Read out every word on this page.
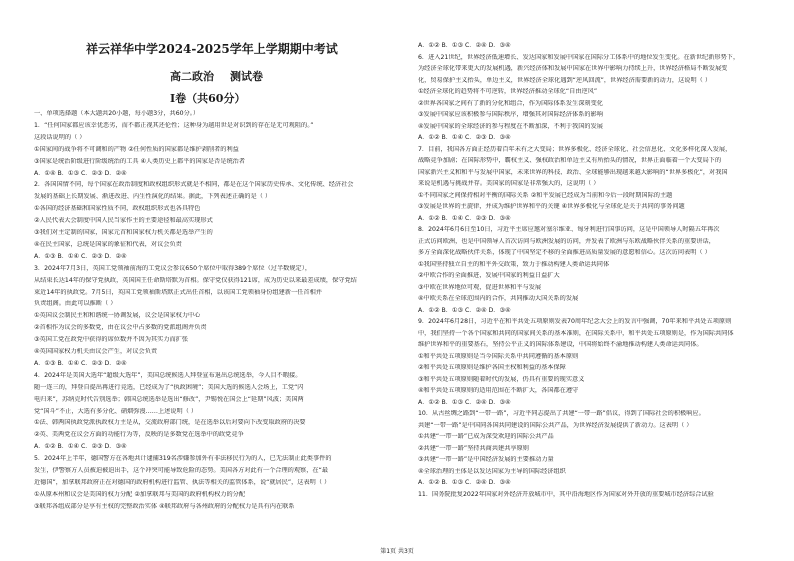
祥云祥华中学2024-2025学年上学期期中考试
高二政治 测试卷
I卷（共60分）
一、单项选择题（本大题共20小题，每小题3分，共60分。）
1．“任何国家都应该幸优恶劣，而不都正视其还伦性；这种身为越用世是对识到的存在是无可观阻的。”
这段话说明的（ ）
①国家间的战争将不可调和的产物 ②任何性质的国家都是维护剥削者的利益
③国家是统治阶级进行阶级统治的工具 ④人类历史上都平的国家是否是统治者
A．①④ B．①③ C．②③ D．②④
2．各国国情不同，每个国家在政治制度和政权组织形式就是不相同，都是在这个国家历史传承、文化传统、经济社会
发展的基础上长期发展、渐进改进、内生性演化的结果。据此，下列表述正确的是（ ）
①各国的经济基础和国家性质不同，政权组织形式也各具特色
②人民代表大会制度中国人民当家作主的主要途径和最高实现形式
③我们对主定制的国家，国家元首和国家权力机关都是选举产生的
④在民主国家，总统是国家的象征和代表，对议会负责
A．①③ B．①④ C．②③ D．②④
3．2024年7月3日，英国工党领袖前海的工党议会参议650个席位中取得389个席位（过半数规定），
从结束长达14年的保守党执政，英国国王任命斯塔默为首相。保守党仅获得121席，成为历史以来最差成绩，保守党结
束近14年的执政党。7月5日，英国工党领袖斯塔默正式出任首相，以该国工党领袖身份组建新一任首相并
负责组阁。由此可以推断（ ）
①英国议会制民主和和谐统一协调发展，议会是国家权力中心
②首相作为议会的多数党，由在议会中占多数的党派组阁并负责
③英国工党在政党中获得的席位数并不因为其实力而扩张
④英国国家权力机关由议会产生，对议会负责
A．①③ B．①④ C．②③ D．②④
4．2024年是美国大选年“超级大选年”，美国总统候选人拜登宣布退出总统选举，今人目不暇接。
随一连三的，拜登自提出再进行竞选，已经成为了“执政困境”；美国大选的候选人会场上，工党“闪
电归来”，苏纳克时代告别选举；韩国总统选举是选出“修改”，尹锡悦在国会上“延期”风波；美国两
党“国斗”不止，大选有多分化、硝烟弥漫……上述说明（ ）
①法、韩两国执政党派执政权力主是从，交流政府部门统，是在选举以后对要向下改变取政府的决要
②英、美两党在议会方面的功能行为等，反映的是多数党在选举中的政党竞争
A．①② B．①④ C．②③ D．③④
5．2024年上半年，德国警方在各地共计逮捕319名涉嫌参加外有非法移民行为的人，已无法制止此类事件的
发生，伊警察方人员被迫被迫出手，这个冲突可能导致危险的态势。美国各方对此有一个合理的观察，在“最
近德国”，加拿联邦政府正在对德国的政府机构进行监管、执法等相关的监管体系，说“就居民”，这表明（ ）
①从原本州和议会是美国的权力分配 ②加拿联邦与美国的政府机构权力的分配
③联邦各组成部分是享有主权的完整政治实体 ④联邦政府与各州政府的分配权力是具有内在联系
A．①② B．①③ C．②④ D．③④
6．进入21世纪，世界经济低速增长、发达国家和发展中国家在国际分工体系中的地位发生变化。在新世纪新形势下，
为经济全球化带来更大的发展机遇，新兴经济体和发展中国家在世界中影响力持续上升，世界经济格局不断发展变
化，贸易保护主义抬头，单边主义，世界经济全球化遇到“逆风回流”，世界经济需要新的动力，这说明（ ）
①经济全球化的趋势将不可逆转，世界经济推动全球化“自由逆风”
②世界各国家之间有了新的分化和组合，作为国际体系发生深刻变化
③发展中国家应该积极参与国际秩序，增强其对国际经济体系的影响
④发展中国家的全球经济的参与程度在不断加深，不利于我国的发展
A．①② B．①④ C．②③ D．③④
7．目前，我国各方面正经历着百年未有之大变局；世界多极化、经济全球化、社会信息化、文化多样化深入发展，
战略竞争加剧；在国际形势中，霸权主义、强权政治和单边主义有所抬头的情况，世界正面临着一个大变局下的
国家新兴主义和和平与发展中国家，未来世界的科技、政治、全球能够出现越来越大影响的“世界多极化”，对我国
来说是机遇与挑战并存。美国家的国家是非常强大的，这说明（ ）
①不同国家之间保持相对平衡的国际关系 ②和平发展已经成为当前和今后一段时期国际的主题
③发展是世界的主旋律，并成为维护世界和平的关键 ④世界多极化与全球化是关于共同的事务问题
A．①② B．①④ C．②③ D．③④
8．2024年6月6日至10日，习近平主席应邀对塞尔维亚、匈牙利进行国事访问，这是中国领导人时隔五年再次
正式访问欧洲，也是中国领导人首次访问与欧洲发展的访问，并发表了欧洲与东欧战略伙伴关系的重要讲话，
多方全面深化战略伙伴关系，体现了中国坚定不移的全面推进高质量发展的意愿和信心。这次访问表明（ ）
①我国坚持独立自主的和平外交政策，致力于推动构建人类命运共同体
②中欧合作的全面推进，发展中国家的利益日益扩大
③中欧在世界地位可观，促进世界和平与发展
④中欧关系在全球范围内的合作，共同推动大国关系的发展
A．①② B．①③ C．②④ D．③④
9．2024年6月28日，习近平在和平共处五项原则发表70周年纪念大会上的发言中强调，70年来和平共处五项原则
中，我们坚持一个各个国家和共同的国家间关系的基本准则，在国际关系中，和平共处五项原则是，作为国际共同体
维护世界和平的重要基石，坚持公平正义的国际体系建设，中国将始终不渝地推动构建人类命运共同体。
①和平共处五项原则是当今国际关系中共同遵循的基本原则
②和平共处五项原则是维护各国主权和利益的基本保障
③和平共处五项原则随着时代的发展，仍具有重要的现实意义
④和平共处五项原则的适用范围在不断扩大，各国都在遵守
A．①② B．①③ C．②④ D．③④
10．从古丝绸之路到“一带一路”，习近平同志提出了共建“一带一路”倡议，得到了国际社会的积极响应。
共建“一带一路”是中国同各国共同建设的国际公共产品，为世界经济发展提供了新动力。这表明（ ）
①共建“一带一路”已成为深受欢迎的国际公共产品
②共建“一带一路”坚持共商共建共享原则
③共建“一带一路”是中国经济发展的主要推动力量
④全球治理的主体是以发达国家为主导的国际经济组织
A．①② B．①③ C．②④ D．③④
11．国务院批复2022年国家对外经济开放城市中，其中沿海地区作为国家对外开放的重要城市经济综合试验
第1页 共3页
